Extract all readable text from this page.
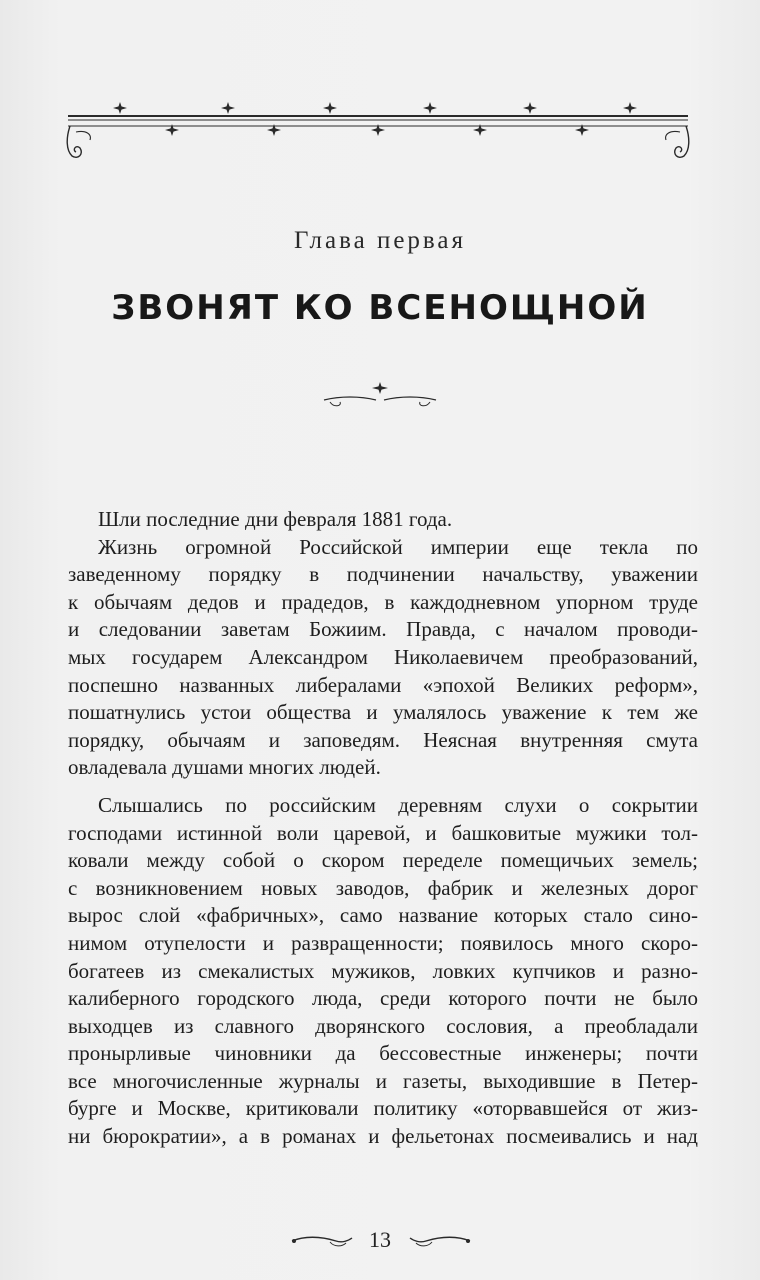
Глава первая
ЗВОНЯТ КО ВСЕНОЩНОЙ
Шли последние дни февраля 1881 года.
Жизнь огромной Российской империи еще текла по
заведенному порядку в подчинении начальству, уважении
к обычаям дедов и прадедов, в каждодневном упорном труде
и следовании заветам Божиим. Правда, с началом проводи-
мых государем Александром Николаевичем преобразований,
поспешно названных либералами «эпохой Великих реформ»,
пошатнулись устои общества и умалялось уважение к тем же
порядку, обычаям и заповедям. Неясная внутренняя смута
овладевала душами многих людей.
Слышались по российским деревням слухи о сокрытии
господами истинной воли царевой, и башковитые мужики тол-
ковали между собой о скором переделе помещичьих земель;
с возникновением новых заводов, фабрик и железных дорог
вырос слой «фабричных», само название которых стало сино-
нимом отупелости и развращенности; появилось много скоро-
богатеев из смекалистых мужиков, ловких купчиков и разно-
калиберного городского люда, среди которого почти не было
выходцев из славного дворянского сословия, а преобладали
пронырливые чиновники да бессовестные инженеры; почти
все многочисленные журналы и газеты, выходившие в Петер-
бурге и Москве, критиковали политику «оторвавшейся от жиз-
ни бюрократии», а в романах и фельетонах посмеивались и над
13
